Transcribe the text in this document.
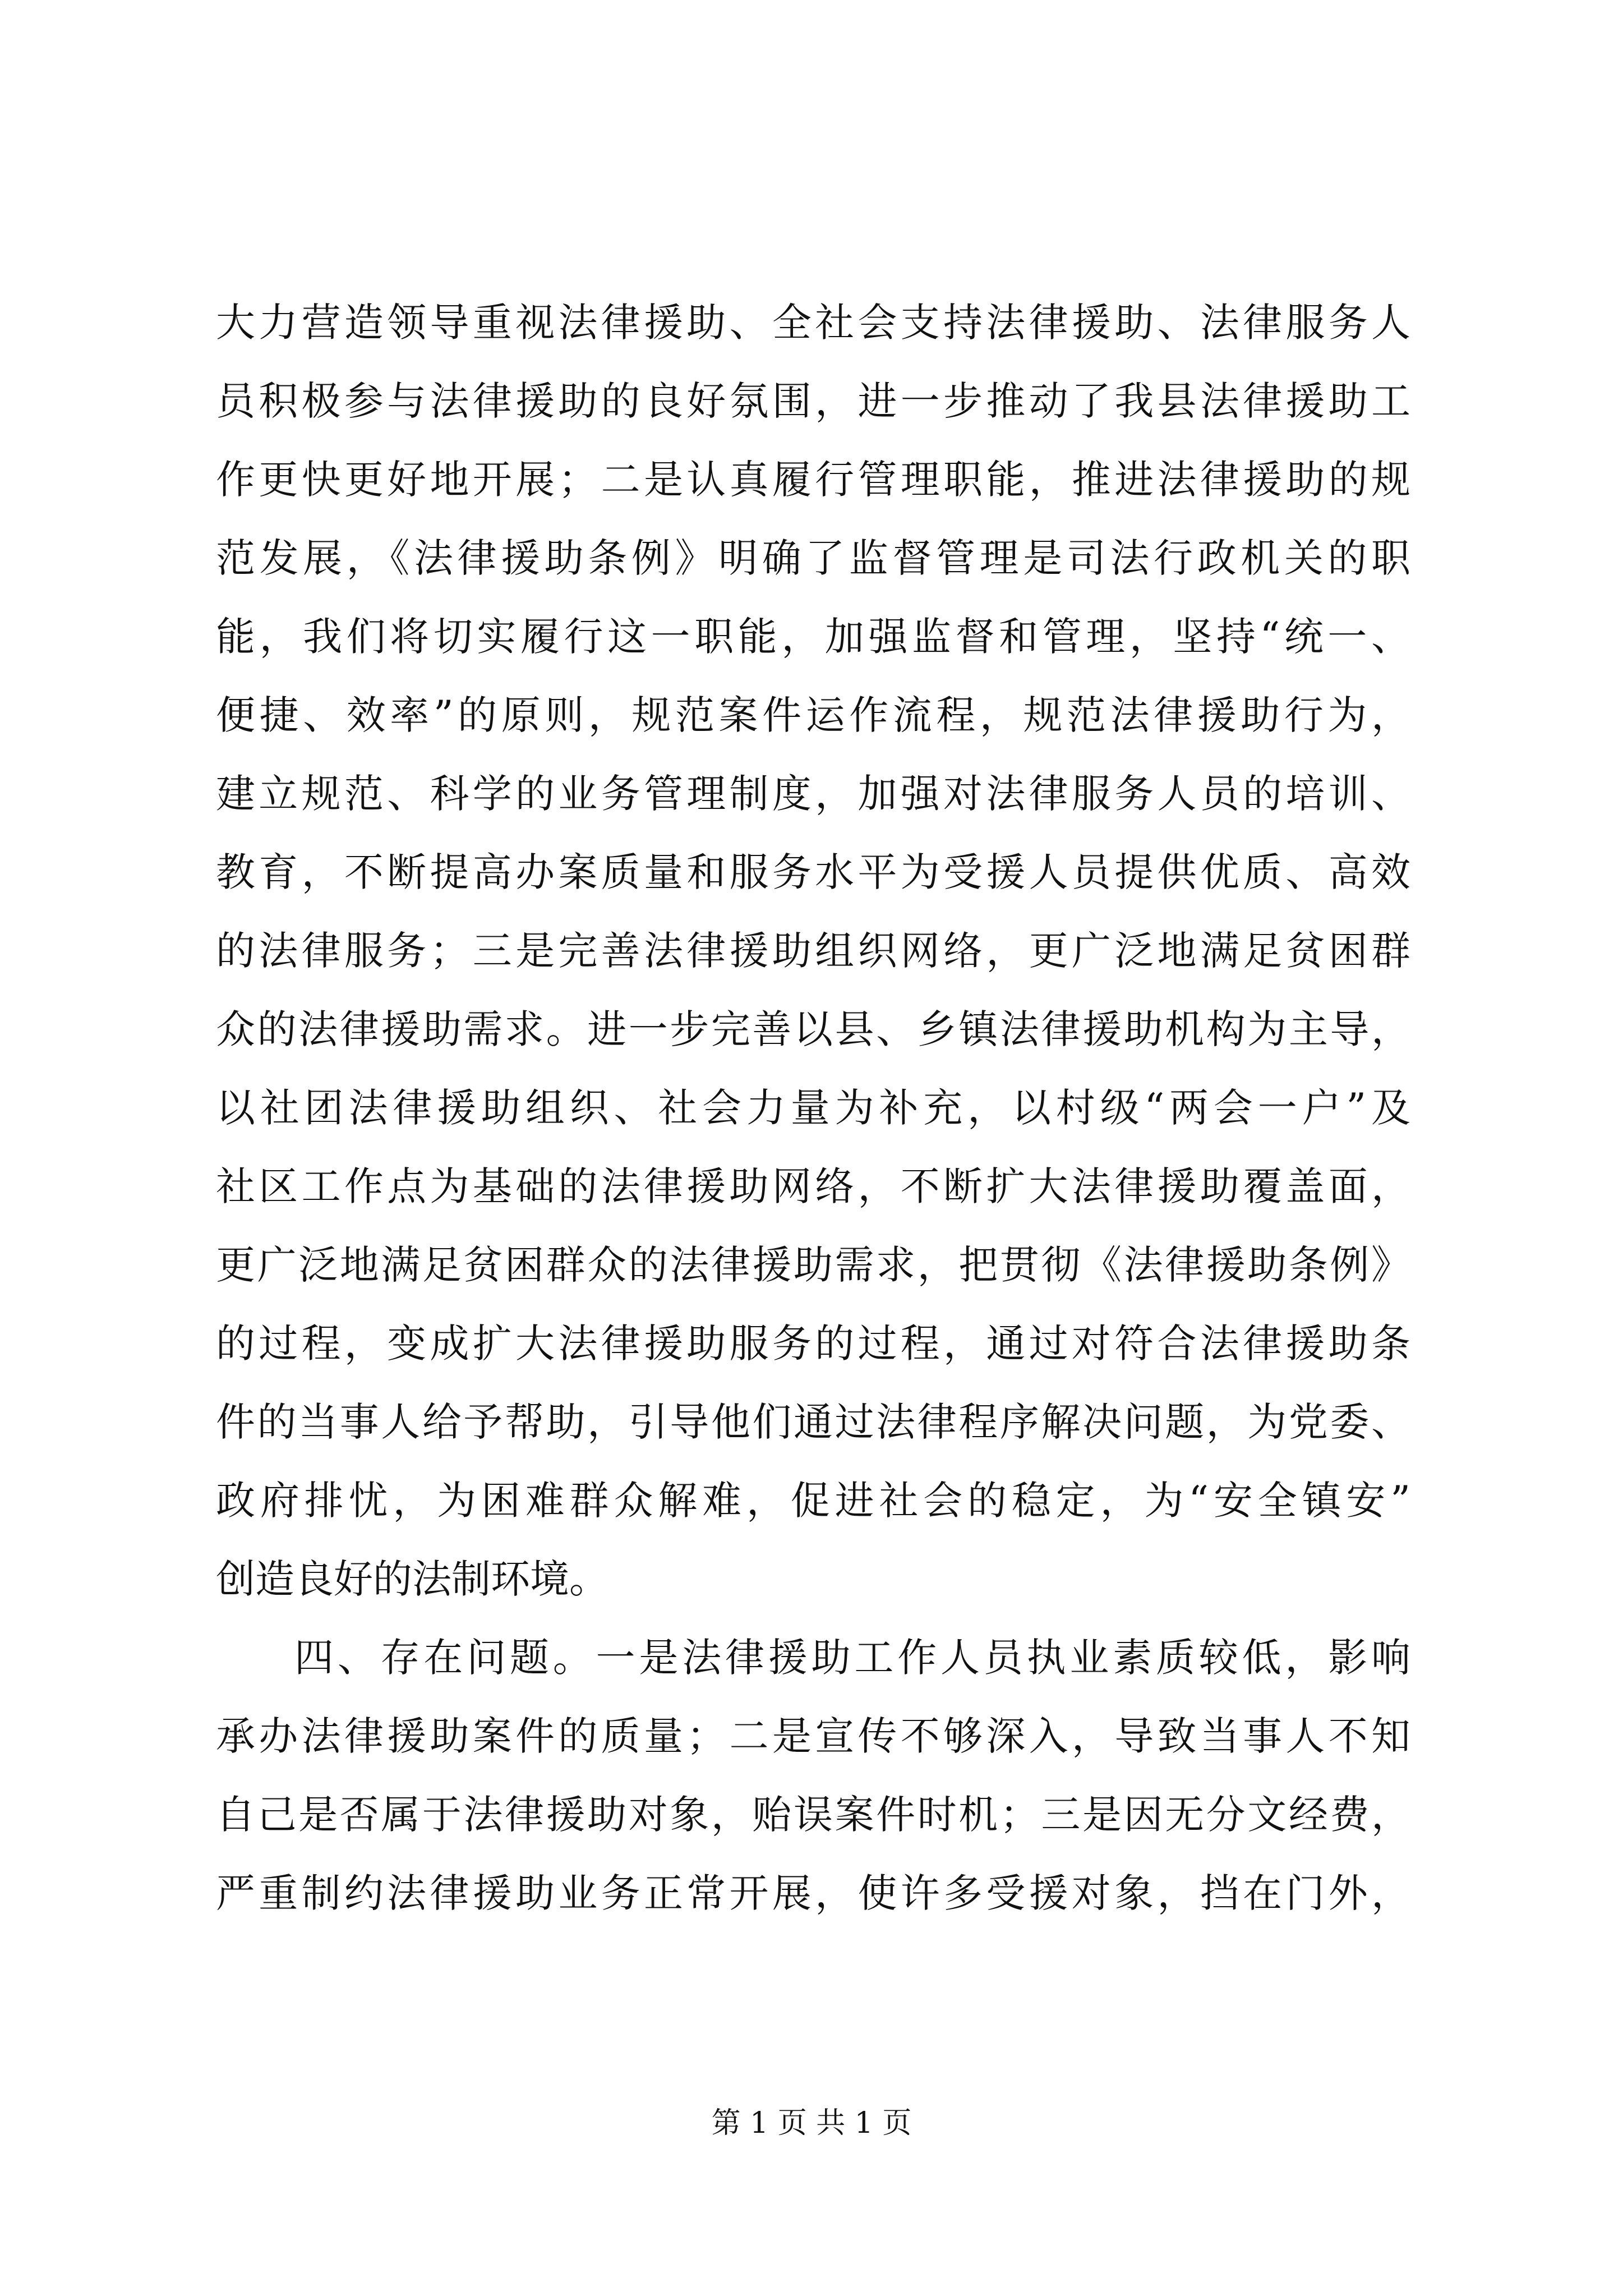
大力营造领导重视法律援助、全社会支持法律援助、法律服务人
员积极参与法律援助的良好氛围，进一步推动了我县法律援助工
作更快更好地开展；二是认真履行管理职能，推进法律援助的规
范发展，《法律援助条例》明确了监督管理是司法行政机关的职
能，我们将切实履行这一职能，加强监督和管理，坚持“统一、
便捷、效率”的原则，规范案件运作流程，规范法律援助行为，
建立规范、科学的业务管理制度，加强对法律服务人员的培训、
教育，不断提高办案质量和服务水平为受援人员提供优质、高效
的法律服务；三是完善法律援助组织网络，更广泛地满足贫困群
众的法律援助需求。进一步完善以县、乡镇法律援助机构为主导，
以社团法律援助组织、社会力量为补充，以村级“两会一户”及
社区工作点为基础的法律援助网络，不断扩大法律援助覆盖面，
更广泛地满足贫困群众的法律援助需求，把贯彻《法律援助条例》
的过程，变成扩大法律援助服务的过程，通过对符合法律援助条
件的当事人给予帮助，引导他们通过法律程序解决问题，为党委、
政府排忧，为困难群众解难，促进社会的稳定，为“安全镇安”
创造良好的法制环境。
四、存在问题。一是法律援助工作人员执业素质较低，影响
承办法律援助案件的质量；二是宣传不够深入，导致当事人不知
自己是否属于法律援助对象，贻误案件时机；三是因无分文经费，
严重制约法律援助业务正常开展，使许多受援对象，挡在门外，
第 1 页 共 1 页
